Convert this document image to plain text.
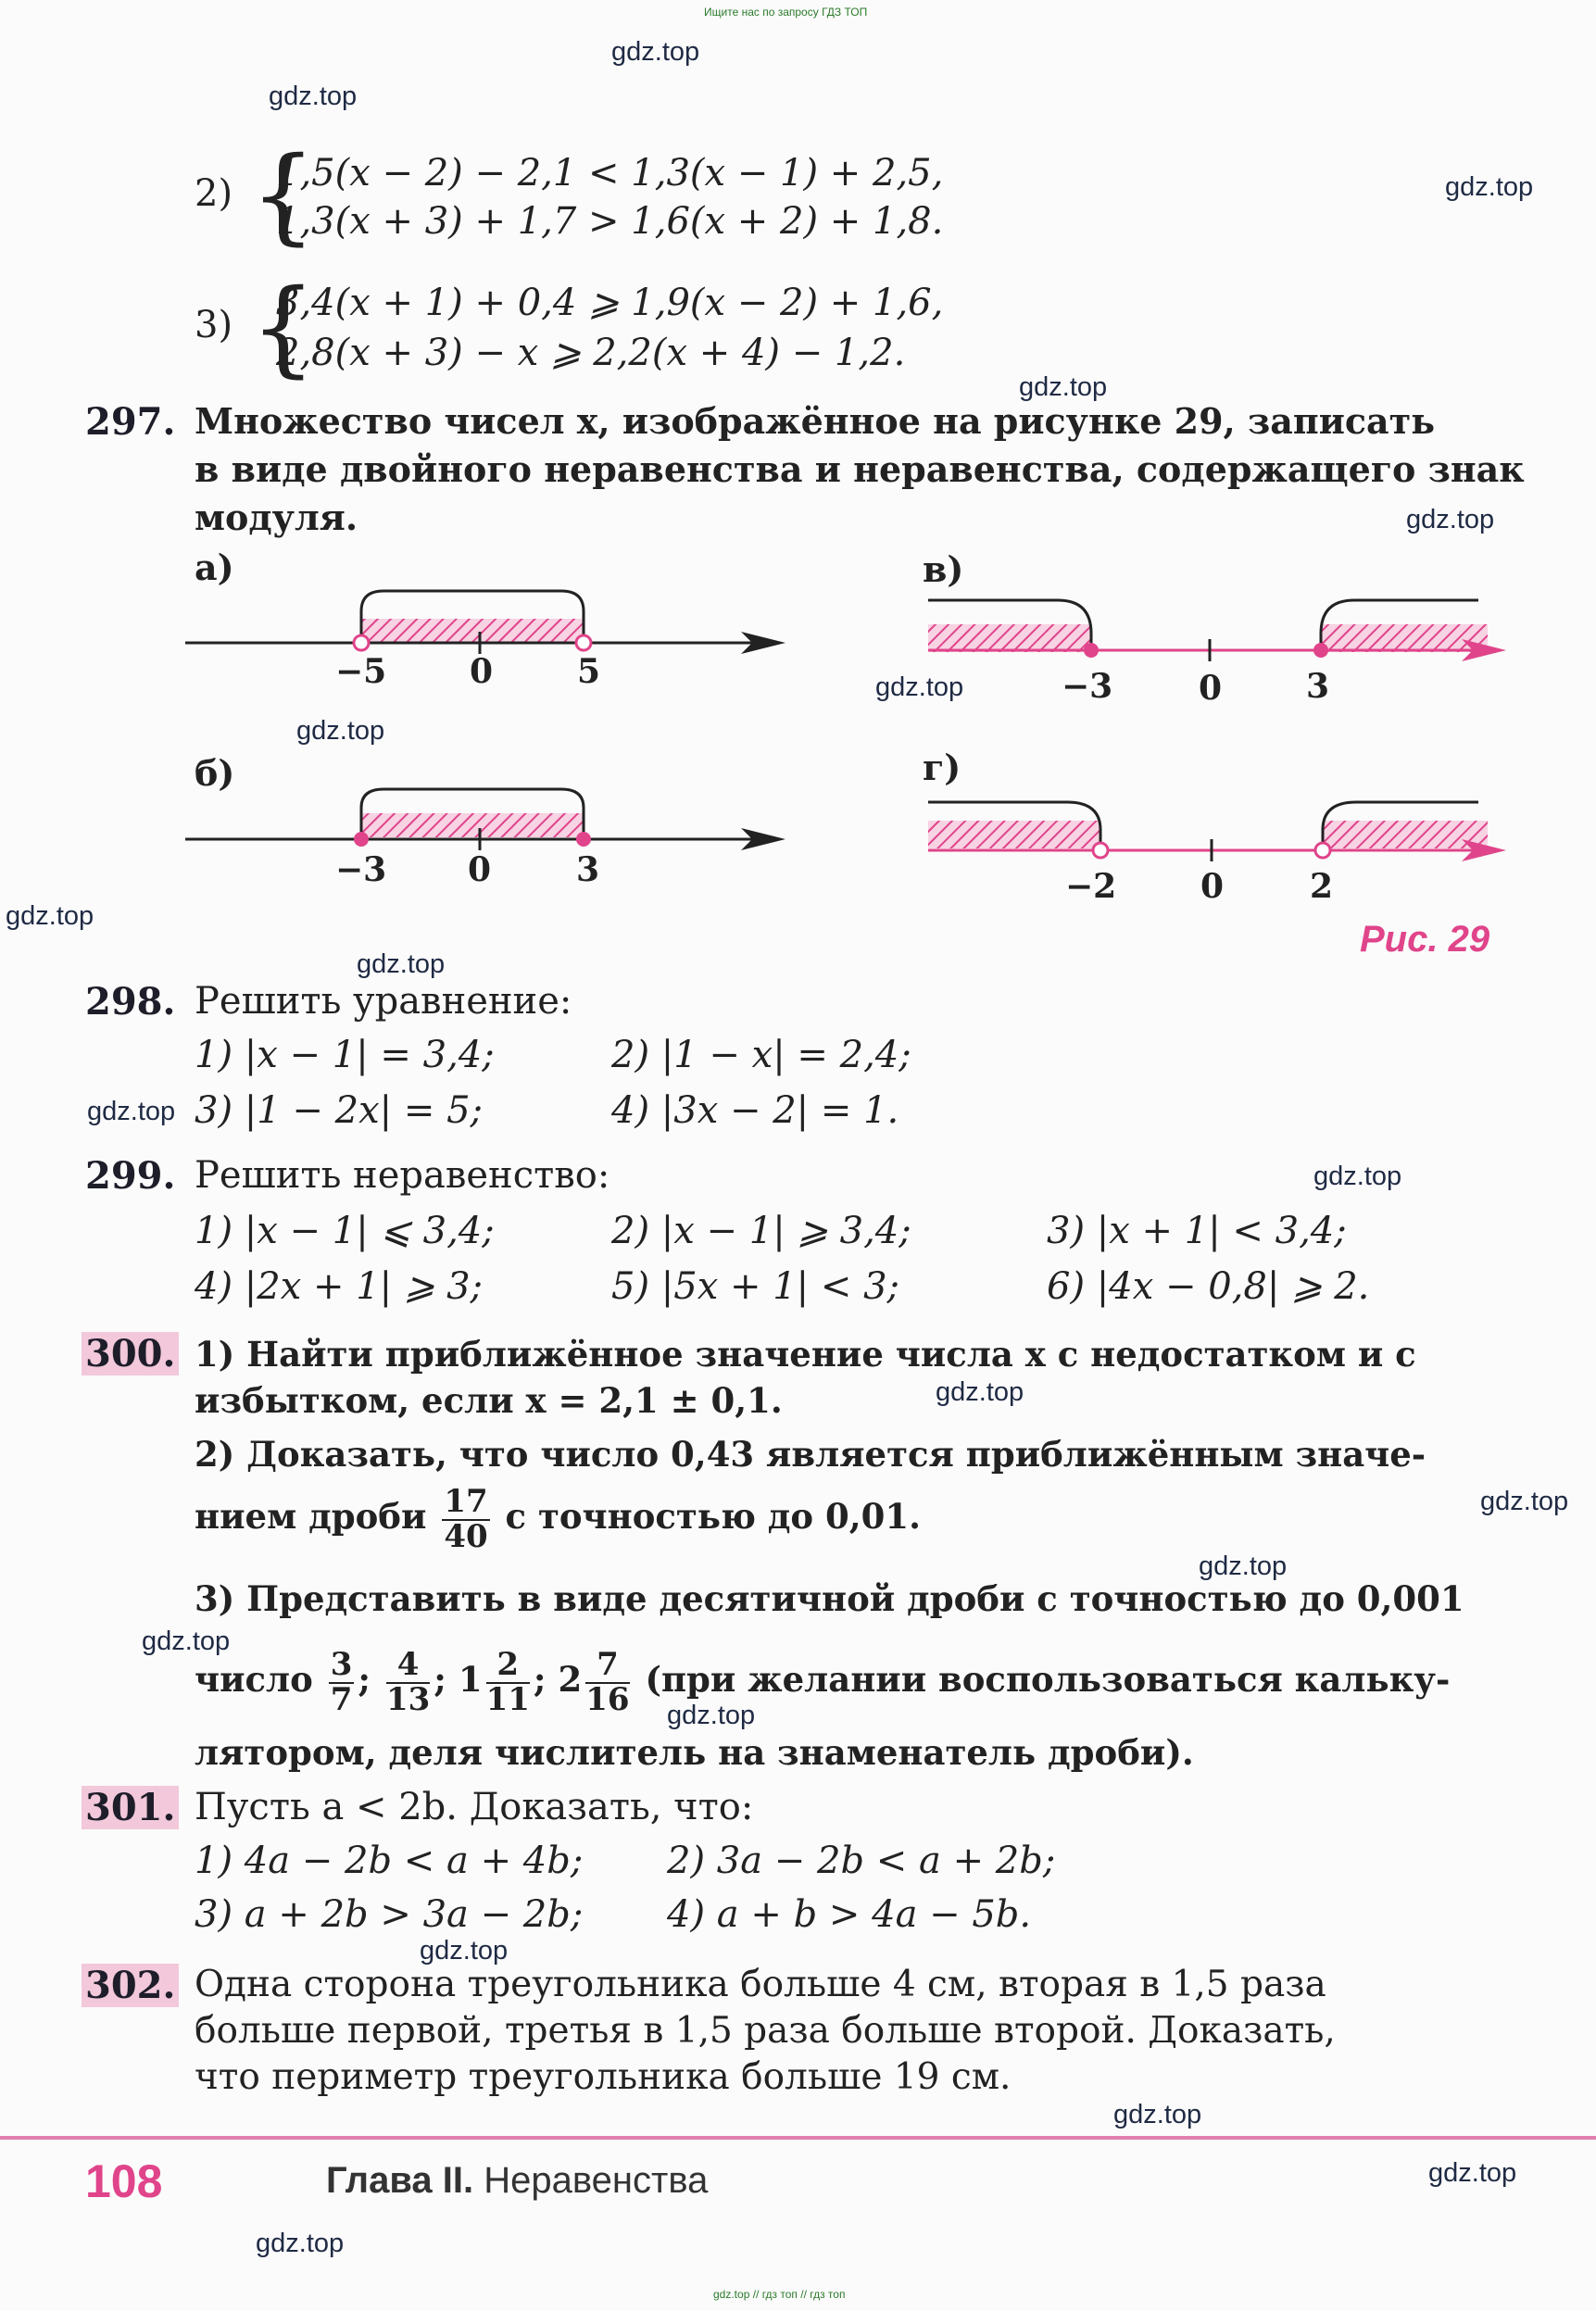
Ищите нас по запросу ГДЗ ТОП
gdz.top // гдз топ // гдз топ
gdz.top
gdz.top
gdz.top
gdz.top
gdz.top
gdz.top
gdz.top
gdz.top
gdz.top
gdz.top
gdz.top
gdz.top
gdz.top
gdz.top
gdz.top
gdz.top
gdz.top
gdz.top
gdz.top
gdz.top
2) {
1,5(x − 2) − 2,1 < 1,3(x − 1) + 2,5,
1,3(x + 3) + 1,7 > 1,6(x + 2) + 1,8.
3) {
3,4(x + 1) + 0,4 ⩾ 1,9(x − 2) + 1,6,
2,8(x + 3) − x ⩾ 2,2(x + 4) − 1,2.
297. Множество чисел x, изображённое на рисунке 29, записать
в виде двойного неравенства и неравенства, содержащего знак
модуля.
а)
−5 0	5
б)
−3 0	3
в)
−3	0	3
г)
−2	0	2
Рис. 29
298. Решить уравнение:
1) |x − 1| = 3,4;	2) |1 − x| = 2,4;
3) |1 − 2x| = 5;	4) |3x − 2| = 1.
299. Решить неравенство:
1) |x − 1| ⩽ 3,4;	2) |x − 1| ⩾ 3,4;	3) |x + 1| < 3,4;
4) |2x + 1| ⩾ 3;	5) |5x + 1| < 3;	6) |4x − 0,8| ⩾ 2.
300. 1) Найти приближённое значение числа x с недостатком и с
избытком, если x = 2,1 ± 0,1.
2) Доказать, что число 0,43 является приближённым значе-
нием дроби $\frac{17}{40}$ с точностью до 0,01.
3) Представить в виде десятичной дроби с точностью до 0,001
число $\frac{3}{7}$ ; $\frac{4}{13}$ ; $1 \frac{2}{11}$ ; $2 \frac{7}{16} (при$ желании воспользоваться кальку-
лятором, деля числитель на знаменатель дроби).
301. Пусть a < 2b. Доказать, что:
1) 4a − 2b < a + 4b; 2) 3a − 2b < a + 2b;
3) a + 2b > 3a − 2b; 4) a + b > 4a − 5b.
302. Одна сторона треугольника больше 4 см, вторая в 1,5 раза
больше первой, третья в 1,5 раза больше второй. Доказать,
что периметр треугольника больше 19 см.
108	Глава II. Неравенства
